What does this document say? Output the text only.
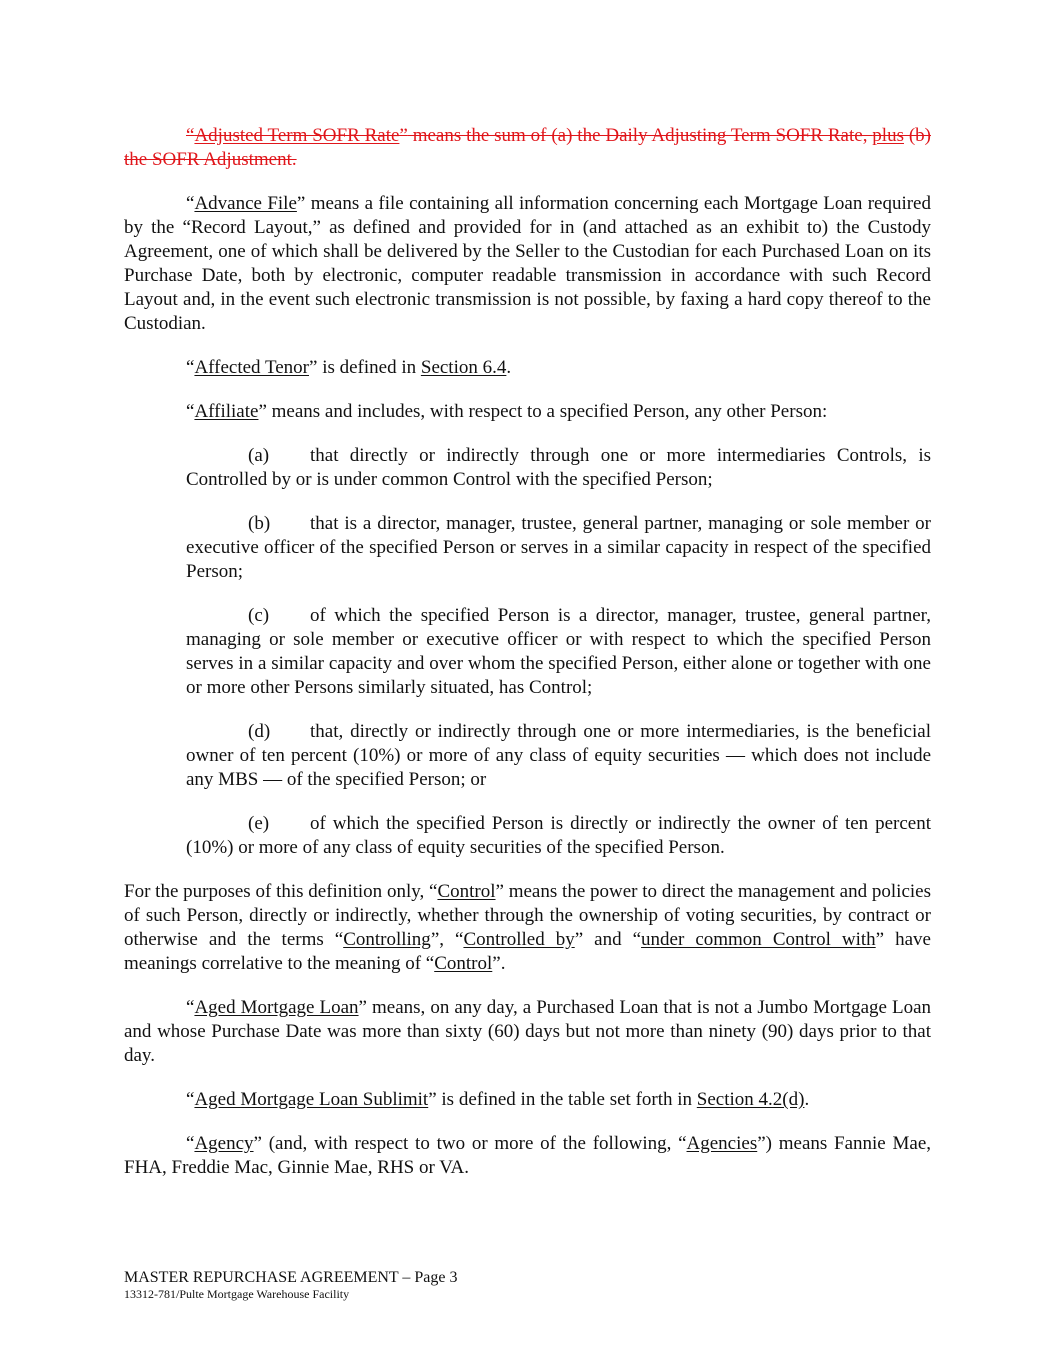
“Adjusted Term SOFR Rate” means the sum of (a) the Daily Adjusting Term SOFR Rate, plus (b) the SOFR Adjustment.

“Advance File” means a file containing all information concerning each Mortgage Loan required by the “Record Layout,” as defined and provided for in (and attached as an exhibit to) the Custody Agreement, one of which shall be delivered by the Seller to the Custodian for each Purchased Loan on its Purchase Date, both by electronic, computer readable transmission in accordance with such Record Layout and, in the event such electronic transmission is not possible, by faxing a hard copy thereof to the Custodian.

“Affected Tenor” is defined in Section 6.4.

“Affiliate” means and includes, with respect to a specified Person, any other Person:

(a) that directly or indirectly through one or more intermediaries Controls, is Controlled by or is under common Control with the specified Person;

(b) that is a director, manager, trustee, general partner, managing or sole member or executive officer of the specified Person or serves in a similar capacity in respect of the specified Person;

(c) of which the specified Person is a director, manager, trustee, general partner, managing or sole member or executive officer or with respect to which the specified Person serves in a similar capacity and over whom the specified Person, either alone or together with one or more other Persons similarly situated, has Control;

(d) that, directly or indirectly through one or more intermediaries, is the beneficial owner of ten percent (10%) or more of any class of equity securities — which does not include any MBS — of the specified Person; or

(e) of which the specified Person is directly or indirectly the owner of ten percent (10%) or more of any class of equity securities of the specified Person.

For the purposes of this definition only, “Control” means the power to direct the management and policies of such Person, directly or indirectly, whether through the ownership of voting securities, by contract or otherwise and the terms “Controlling”, “Controlled by” and “under common Control with” have meanings correlative to the meaning of “Control”.

“Aged Mortgage Loan” means, on any day, a Purchased Loan that is not a Jumbo Mortgage Loan and whose Purchase Date was more than sixty (60) days but not more than ninety (90) days prior to that day.

“Aged Mortgage Loan Sublimit” is defined in the table set forth in Section 4.2(d).

“Agency” (and, with respect to two or more of the following, “Agencies”) means Fannie Mae, FHA, Freddie Mac, Ginnie Mae, RHS or VA.

MASTER REPURCHASE AGREEMENT – Page 3
13312-781/Pulte Mortgage Warehouse Facility
